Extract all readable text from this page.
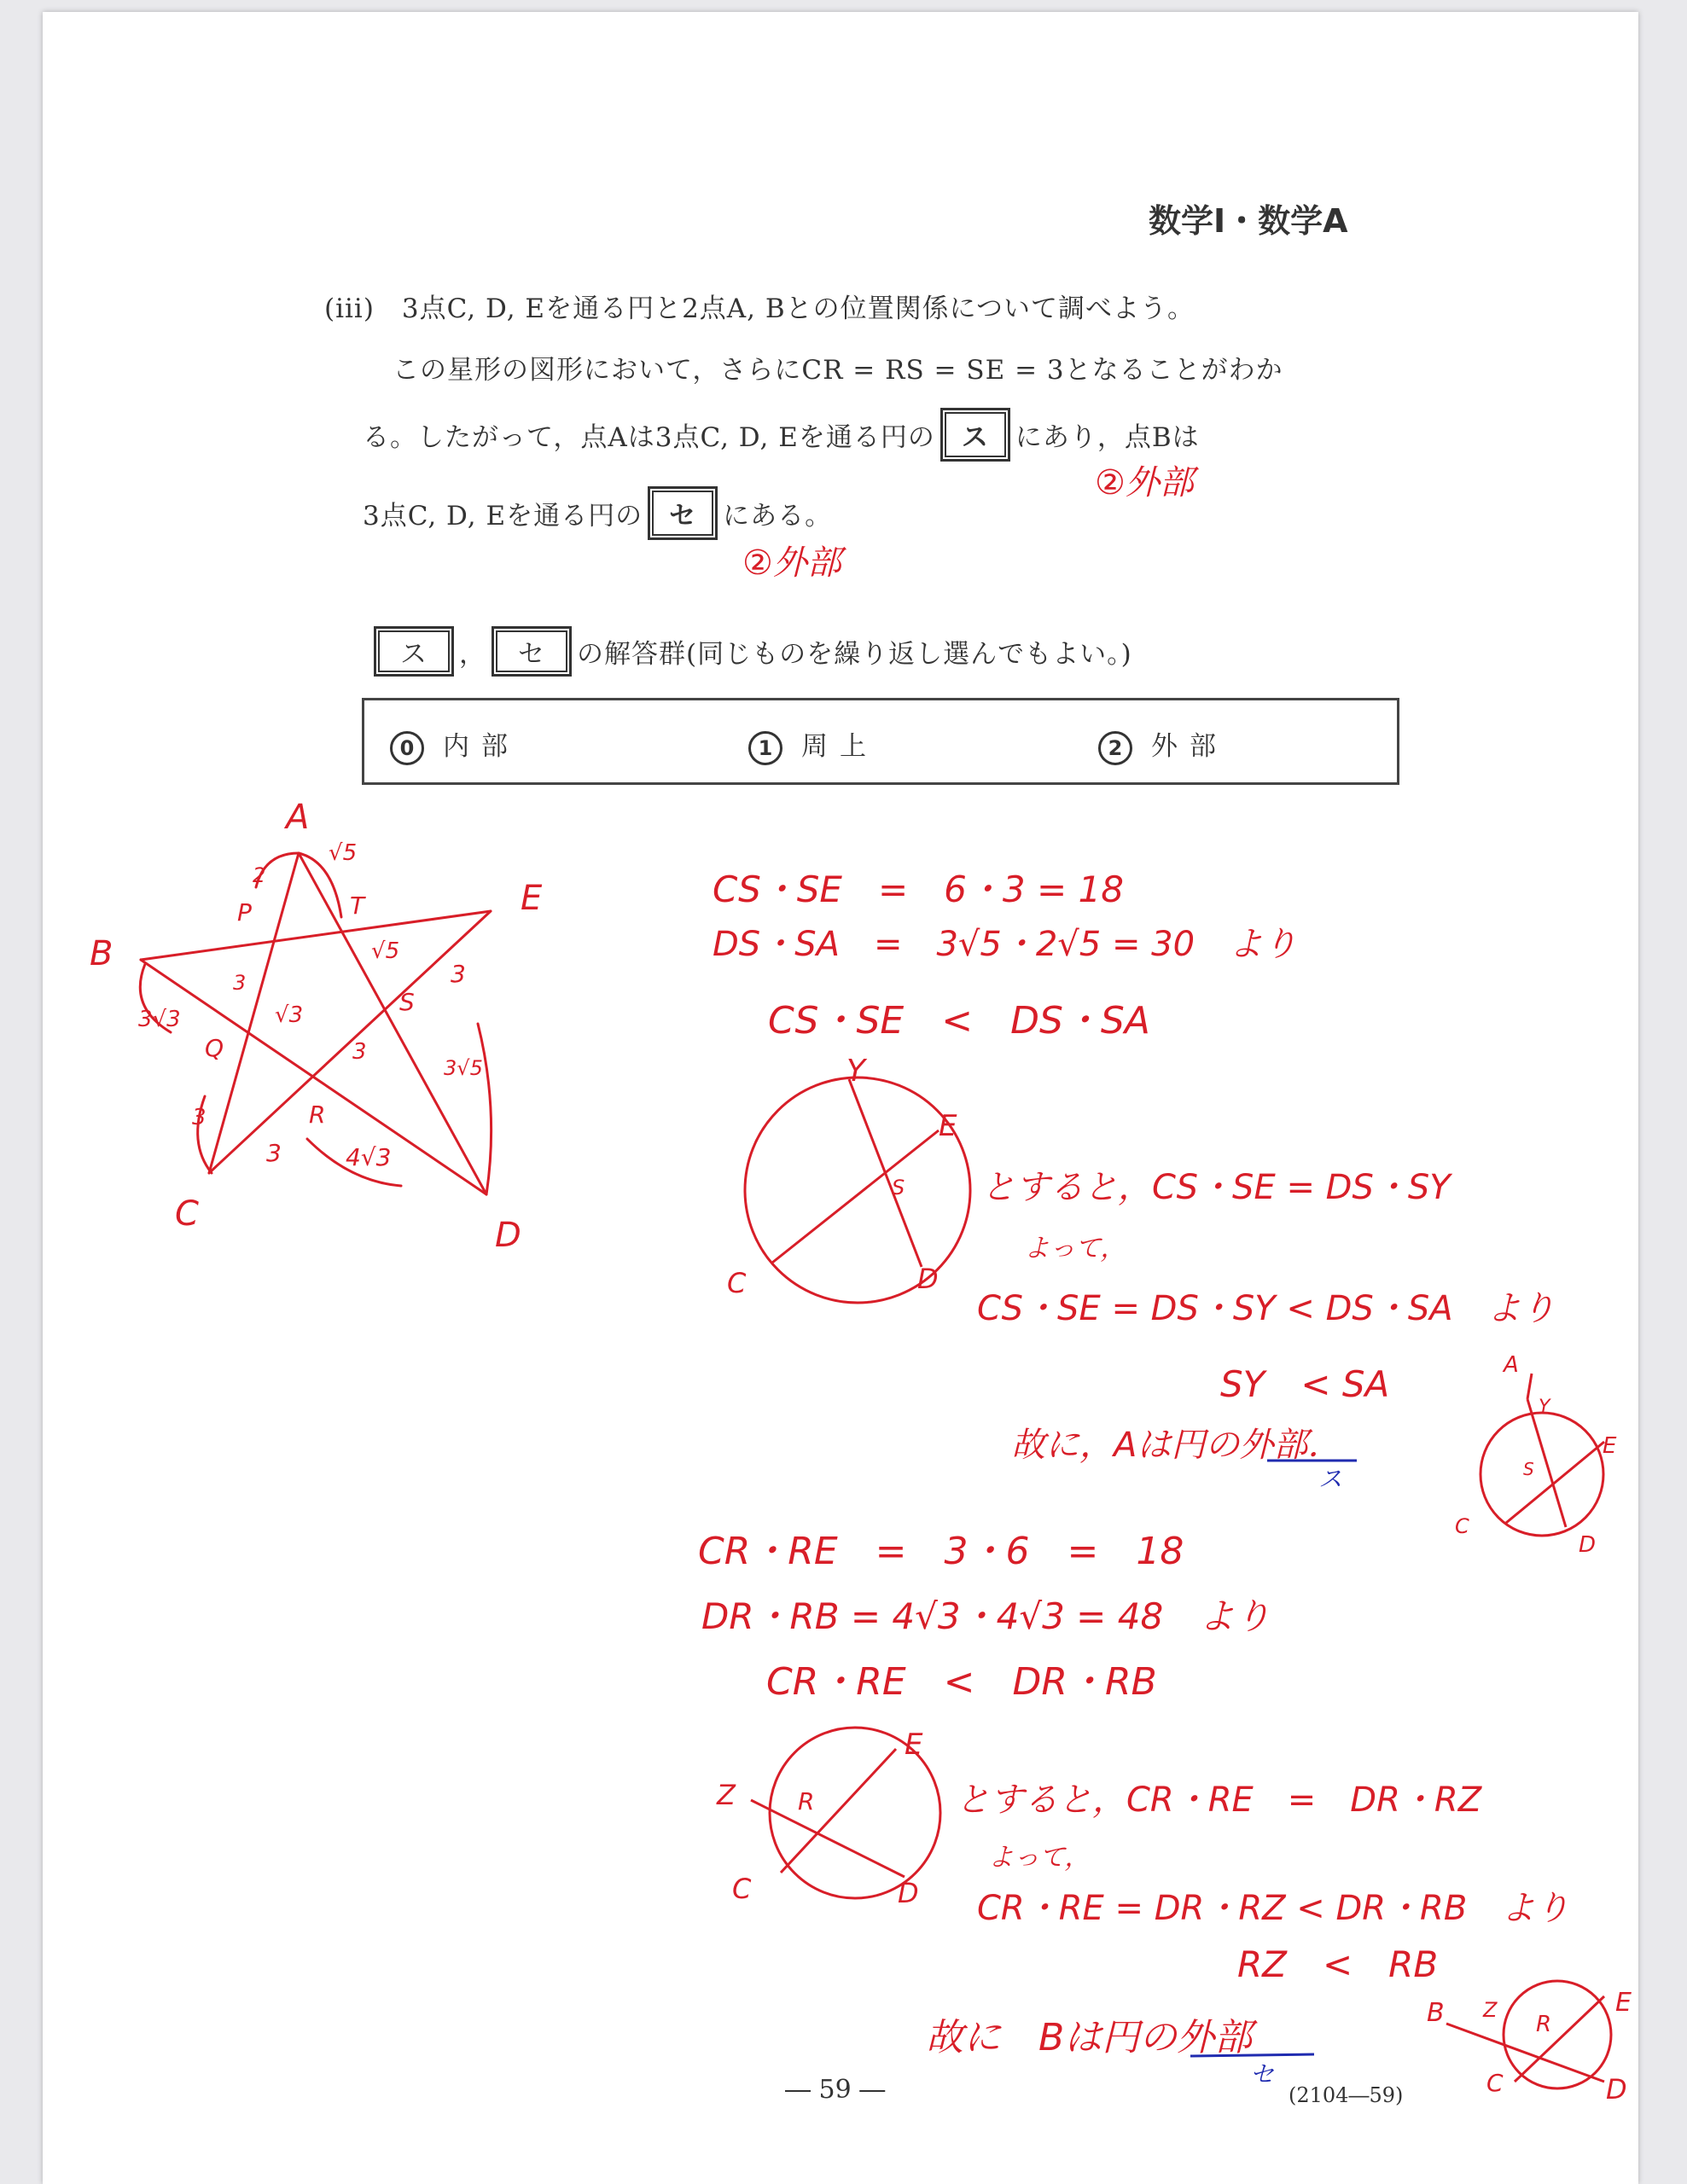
数学Ⅰ・数学A
(iii)　3点C, D, Eを通る円と2点A, Bとの位置関係について調べよう。
この星形の図形において，さらにCR = RS = SE = 3となることがわか
る。したがって，点Aは3点C, D, Eを通る円の ス にあり，点Bは
3点C, D, Eを通る円の セ にある。
ス ， セ の解答群(同じものを繰り返し選んでもよい。)
0 内部	1 周上	2 外部
②外部
②外部
A
B
C
D
E
P
Q
R
S
T
2
√5
√5
3
3
3√3	√3
3
3√5
3
3	4√3
CS・SE　=　6・3 = 18
DS・SA　=　3√5・2√5 = 30　より
CS・SE　<　DS・SA
Y
E
S
C	D
とすると，CS・SE = DS・SY
よって，
CS・SE = DS・SY < DS・SA　より
SY　< SA
故に，Aは円の外部．
ス
A
Y
E
S
C
D
CR・RE　=　3・6　=　18
DR・RB = 4√3・4√3 = 48　より
CR・RE　<　DR・RB
Z	R
E
C	D
とすると，CR・RE　=　DR・RZ
よって，
CR・RE = DR・RZ < DR・RB　より
RZ　<　RB
故に　Bは円の外部
セ
B Z
R
E
C	D
― 59 ―	(2104―59)
